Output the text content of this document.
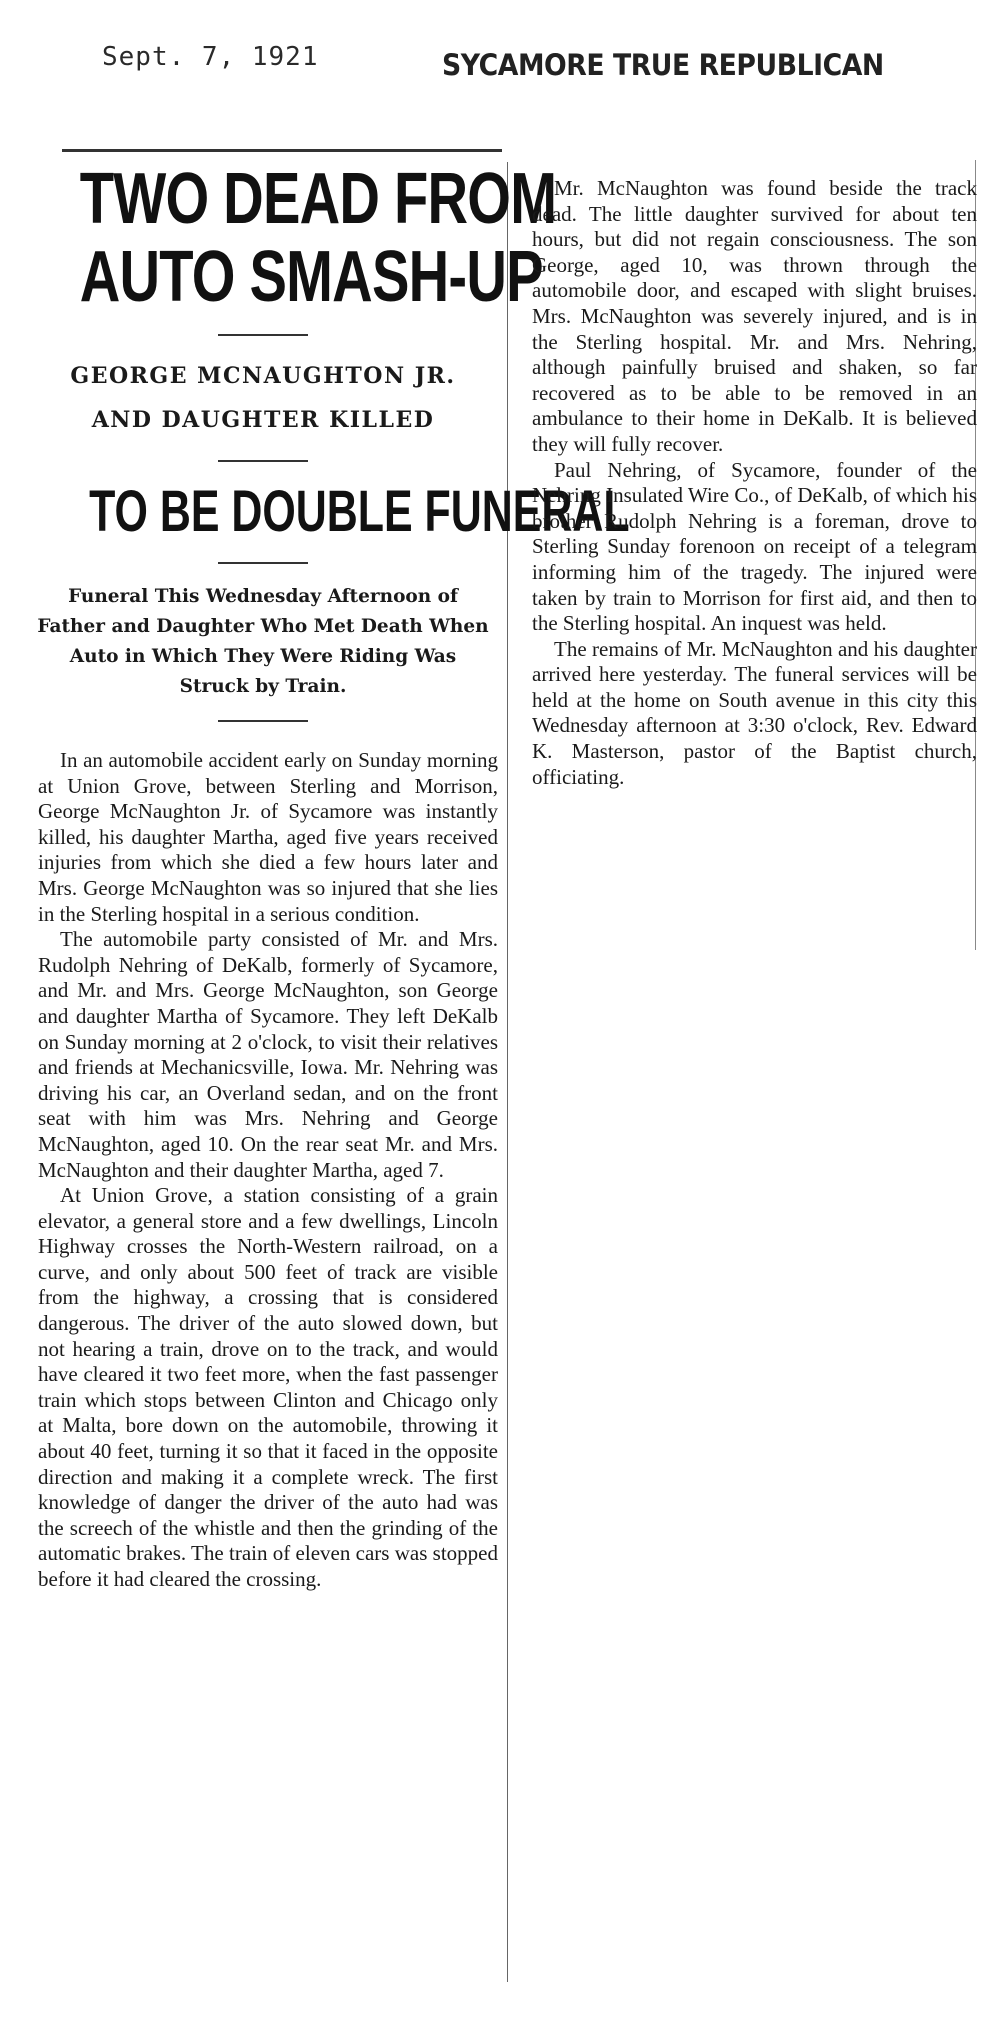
Sept. 7, 1921	SYCAMORE TRUE REPUBLICAN
TWO DEAD FROM
AUTO SMASH-UP
GEORGE MCNAUGHTON JR.
AND DAUGHTER KILLED
TO BE DOUBLE FUNERAL
Funeral This Wednesday Afternoon of Father and Daughter Who Met Death When Auto in Which They Were Riding Was Struck by Train.

In an automobile accident early on Sunday morning at Union Grove, between Sterling and Morrison, George McNaughton Jr. of Sycamore was instantly killed, his daughter Martha, aged five years received injuries from which she died a few hours later and Mrs. George McNaughton was so injured that she lies in the Sterling hospital in a serious condition.

The automobile party consisted of Mr. and Mrs. Rudolph Nehring of DeKalb, formerly of Sycamore, and Mr. and Mrs. George McNaughton, son George and daughter Martha of Sycamore. They left DeKalb on Sunday morning at 2 o'clock, to visit their relatives and friends at Mechanicsville, Iowa. Mr. Nehring was driving his car, an Overland sedan, and on the front seat with him was Mrs. Nehring and George McNaughton, aged 10. On the rear seat Mr. and Mrs. McNaughton and their daughter Martha, aged 7.

At Union Grove, a station consisting of a grain elevator, a general store and a few dwellings, Lincoln Highway crosses the North-Western railroad, on a curve, and only about 500 feet of track are visible from the highway, a crossing that is considered dangerous. The driver of the auto slowed down, but not hearing a train, drove on to the track, and would have cleared it two feet more, when the fast passenger train which stops between Clinton and Chicago only at Malta, bore down on the automobile, throwing it about 40 feet, turning it so that it faced in the opposite direction and making it a complete wreck. The first knowledge of danger the driver of the auto had was the screech of the whistle and then the grinding of the automatic brakes. The train of eleven cars was stopped before it had cleared the crossing.

Mr. McNaughton was found beside the track dead. The little daughter survived for about ten hours, but did not regain consciousness. The son George, aged 10, was thrown through the automobile door, and escaped with slight bruises. Mrs. McNaughton was severely injured, and is in the Sterling hospital. Mr. and Mrs. Nehring, although painfully bruised and shaken, so far recovered as to be able to be removed in an ambulance to their home in DeKalb. It is believed they will fully recover.

Paul Nehring, of Sycamore, founder of the Nehring Insulated Wire Co., of DeKalb, of which his brother Rudolph Nehring is a foreman, drove to Sterling Sunday forenoon on receipt of a telegram informing him of the tragedy. The injured were taken by train to Morrison for first aid, and then to the Sterling hospital. An inquest was held.

The remains of Mr. McNaughton and his daughter arrived here yesterday. The funeral services will be held at the home on South avenue in this city this Wednesday afternoon at 3:30 o'clock, Rev. Edward K. Masterson, pastor of the Baptist church, officiating.
